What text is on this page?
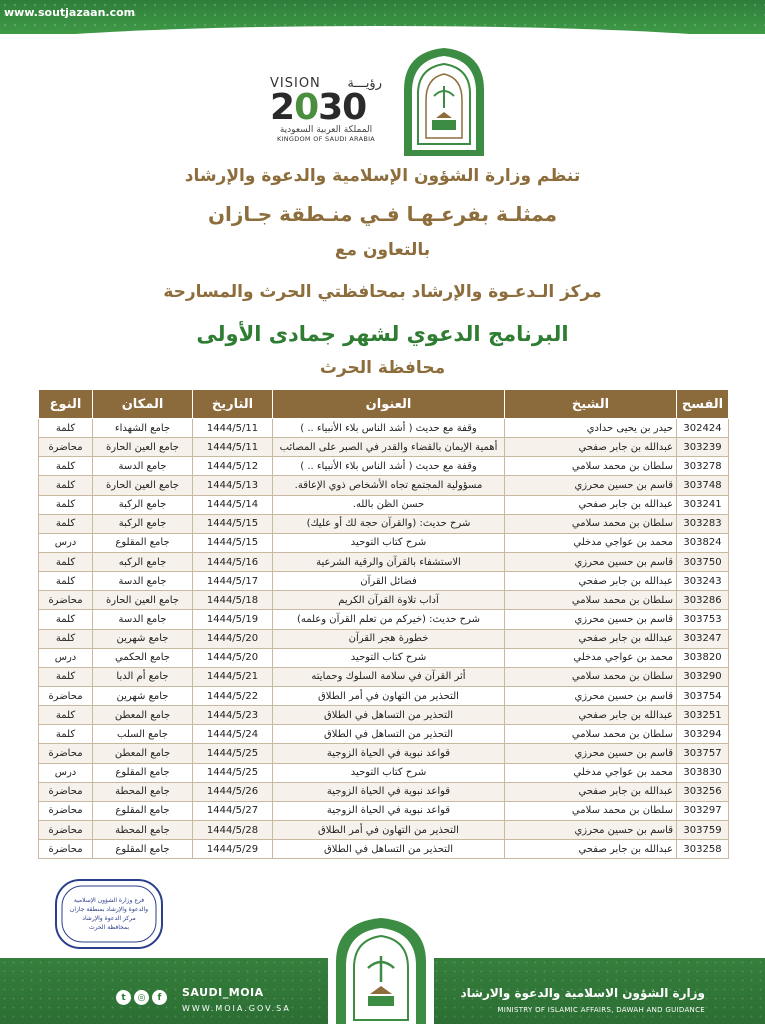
www.soutjazaan.com
VISION رؤيـــة
2030
المملكة العربية السعودية
KINGDOM OF SAUDI ARABIA
تنظم وزارة الشؤون الإسلامية والدعوة والإرشاد
ممثلـة بفرعـهـا فـي منـطقة جـازان
بالتعاون مع
مركز الـدعـوة والإرشاد بمحافظتي الحرث والمسارحة
البرنامج الدعوي لشهر جمادى الأولى
محافظة الحرث
الفسح	الشيخ	العنوان	التاريخ	المكان	النوع
302424	حيدر بن يحيى حدادي	وقفة مع حديث ( أشد الناس بلاء الأنبياء .. )	1444/5/11	جامع الشهداء	كلمة
303239	عبدالله بن جابر صفحي	أهمية الإيمان بالقضاء والقدر في الصبر على المصائب	1444/5/11	جامع العين الحارة	محاضرة
303278	سلطان بن محمد سلامي	وقفة مع حديث ( أشد الناس بلاء الأنبياء .. )	1444/5/12	جامع الدسة	كلمة
303748	قاسم بن حسين محرزي	مسؤولية المجتمع تجاه الأشخاص ذوي الإعاقة.	1444/5/13	جامع العين الحارة	كلمة
303241	عبدالله بن جابر صفحي	حسن الظن بالله.	1444/5/14	جامع الركبة	كلمة
303283	سلطان بن محمد سلامي	شرح حديث: (والقرآن حجة لك أو عليك)	1444/5/15	جامع الركبة	كلمة
303824	محمد بن عواجي مدخلي	شرح كتاب التوحيد	1444/5/15	جامع المقلوع	درس
303750	قاسم بن حسين محرزي	الاستشفاء بالقرآن والرقية الشرعية	1444/5/16	جامع الركبه	كلمة
303243	عبدالله بن جابر صفحي	فضائل القرآن	1444/5/17	جامع الدسة	كلمة
303286	سلطان بن محمد سلامي	آداب تلاوة القرآن الكريم	1444/5/18	جامع العين الحارة	محاضرة
303753	قاسم بن حسين محرزي	شرح حديث: (خيركم من تعلم القرآن وعلمه)	1444/5/19	جامع الدسة	كلمة
303247	عبدالله بن جابر صفحي	خطورة هجر القرآن	1444/5/20	جامع شهرين	كلمة
303820	محمد بن عواجي مدخلي	شرح كتاب التوحيد	1444/5/20	جامع الحكمي	درس
303290	سلطان بن محمد سلامي	أثر القرآن في سلامة السلوك وحمايته	1444/5/21	جامع أم الدبا	كلمة
303754	قاسم بن حسين محرزي	التحذير من التهاون في أمر الطلاق	1444/5/22	جامع شهرين	محاضرة
303251	عبدالله بن جابر صفحي	التحذير من التساهل في الطلاق	1444/5/23	جامع المعطن	كلمة
303294	سلطان بن محمد سلامي	التحذير من التساهل في الطلاق	1444/5/24	جامع السلب	كلمة
303757	قاسم بن حسين محرزي	قواعد نبوية في الحياة الزوجية	1444/5/25	جامع المعطن	محاضرة
303830	محمد بن عواجي مدخلي	شرح كتاب التوحيد	1444/5/25	جامع المقلوع	درس
303256	عبدالله بن جابر صفحي	قواعد نبوية في الحياة الزوجية	1444/5/26	جامع المحطة	محاضرة
303297	سلطان بن محمد سلامي	قواعد نبوية في الحياة الزوجية	1444/5/27	جامع المقلوع	محاضرة
303759	قاسم بن حسين محرزي	التحذير من التهاون في أمر الطلاق	1444/5/28	جامع المحطة	محاضرة
303258	عبدالله بن جابر صفحي	التحذير من التساهل في الطلاق	1444/5/29	جامع المقلوع	محاضرة
فرع وزارة الشؤون الإسلامية
والدعوة والإرشاد بمنطقة جازان
مركز الدعوة والإرشاد
بمحافظة الحرث
t	◎	f	SAUDI_MOIA
WWW.MOIA.GOV.SA
وزارة الشؤون الاسلامية والدعوة والارشاد
MINISTRY OF ISLAMIC AFFAIRS, DAWAH AND GUIDANCE
